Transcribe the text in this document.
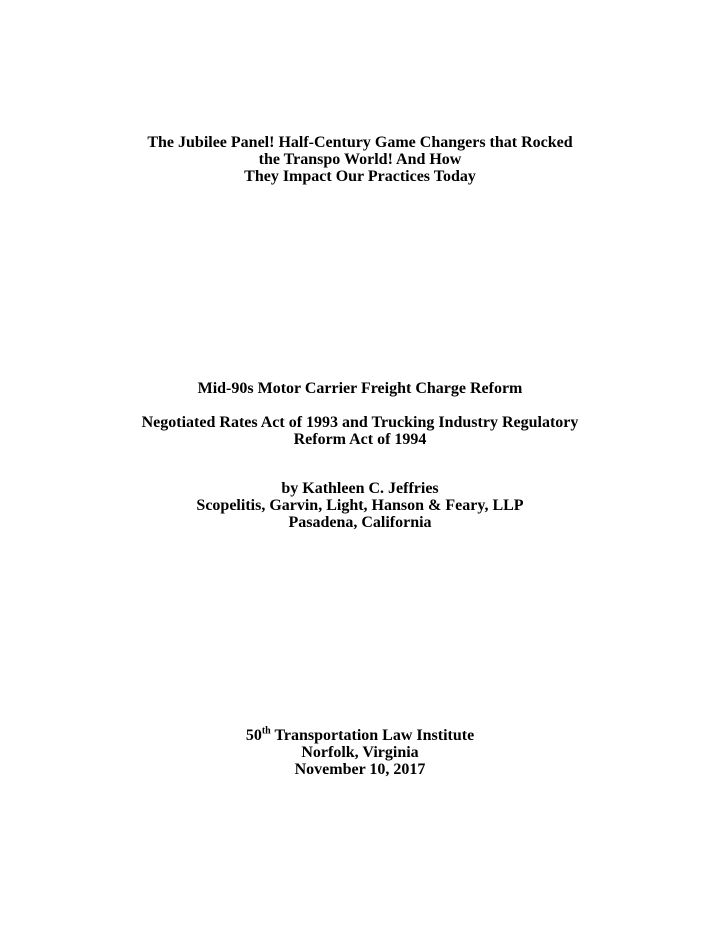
The Jubilee Panel! Half-Century Game Changers that Rocked
the Transpo World! And How
They Impact Our Practices Today
Mid-90s Motor Carrier Freight Charge Reform
Negotiated Rates Act of 1993 and Trucking Industry Regulatory
Reform Act of 1994
by Kathleen C. Jeffries
Scopelitis, Garvin, Light, Hanson & Feary, LLP
Pasadena, California
50th Transportation Law Institute
Norfolk, Virginia
November 10, 2017
